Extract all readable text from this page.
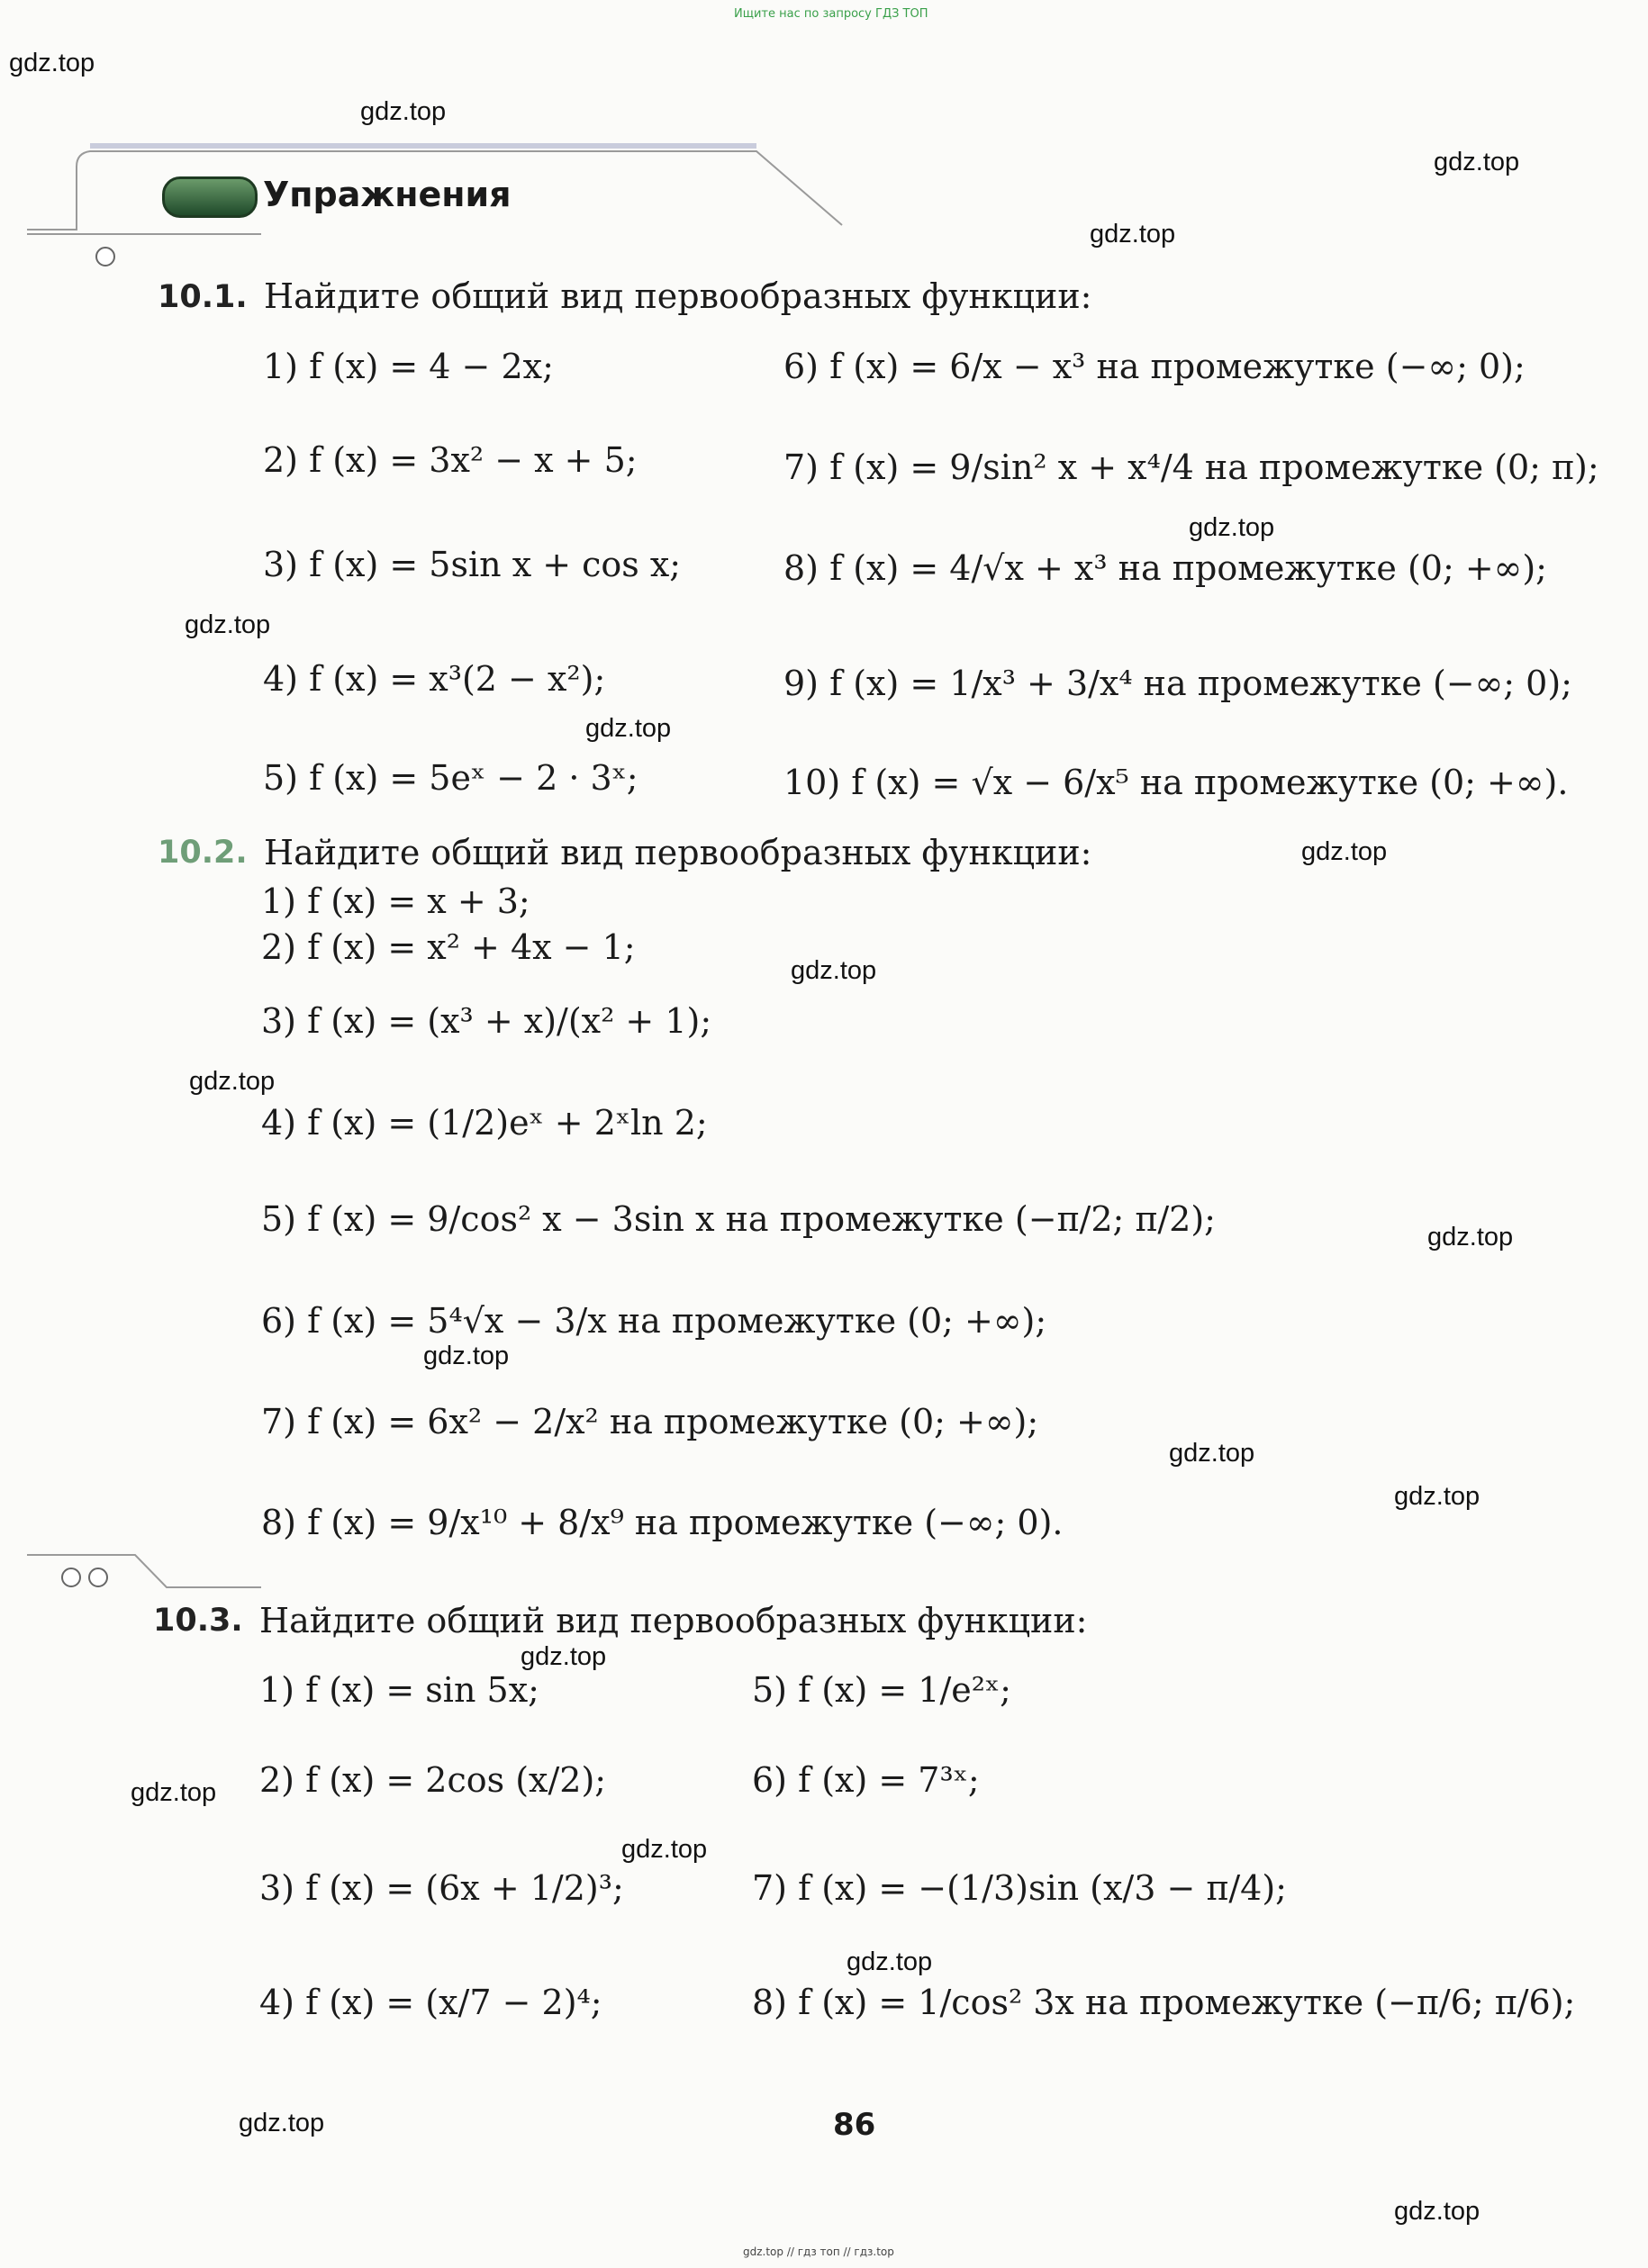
Ищите нас по запросу ГДЗ ТОП
gdz.top // гдз топ // гдз.top
Упражнения
10.1. Найдите общий вид первообразных функции:
1) f (x) = 4 − 2x;
2) f (x) = 3x² − x + 5;
3) f (x) = 5sin x + cos x;
4) f (x) = x³(2 − x²);
5) f (x) = 5eˣ − 2 · 3ˣ;
6) f (x) = 6/x − x³ на промежутке (−∞; 0);
7) f (x) = 9/sin² x + x⁴/4 на промежутке (0; π);
8) f (x) = 4/√x + x³ на промежутке (0; +∞);
9) f (x) = 1/x³ + 3/x⁴ на промежутке (−∞; 0);
10) f (x) = √x − 6/x⁵ на промежутке (0; +∞).
10.2. Найдите общий вид первообразных функции:
1) f (x) = x + 3;
2) f (x) = x² + 4x − 1;
3) f (x) = (x³ + x)/(x² + 1);
4) f (x) = (1/2)eˣ + 2ˣln 2;
5) f (x) = 9/cos² x − 3sin x на промежутке (−π/2; π/2);
6) f (x) = 5⁴√x − 3/x на промежутке (0; +∞);
7) f (x) = 6x² − 2/x² на промежутке (0; +∞);
8) f (x) = 9/x¹⁰ + 8/x⁹ на промежутке (−∞; 0).
10.3. Найдите общий вид первообразных функции:
1) f (x) = sin 5x;
2) f (x) = 2cos (x/2);
3) f (x) = (6x + 1/2)³;
4) f (x) = (x/7 − 2)⁴;
5) f (x) = 1/e²ˣ;
6) f (x) = 7³ˣ;
7) f (x) = −(1/3)sin (x/3 − π/4);
8) f (x) = 1/cos² 3x на промежутке (−π/6; π/6);
86
gdz.top
gdz.top
gdz.top
gdz.top
gdz.top
gdz.top
gdz.top
gdz.top
gdz.top
gdz.top
gdz.top
gdz.top
gdz.top
gdz.top
gdz.top
gdz.top
gdz.top
gdz.top
gdz.top
gdz.top
